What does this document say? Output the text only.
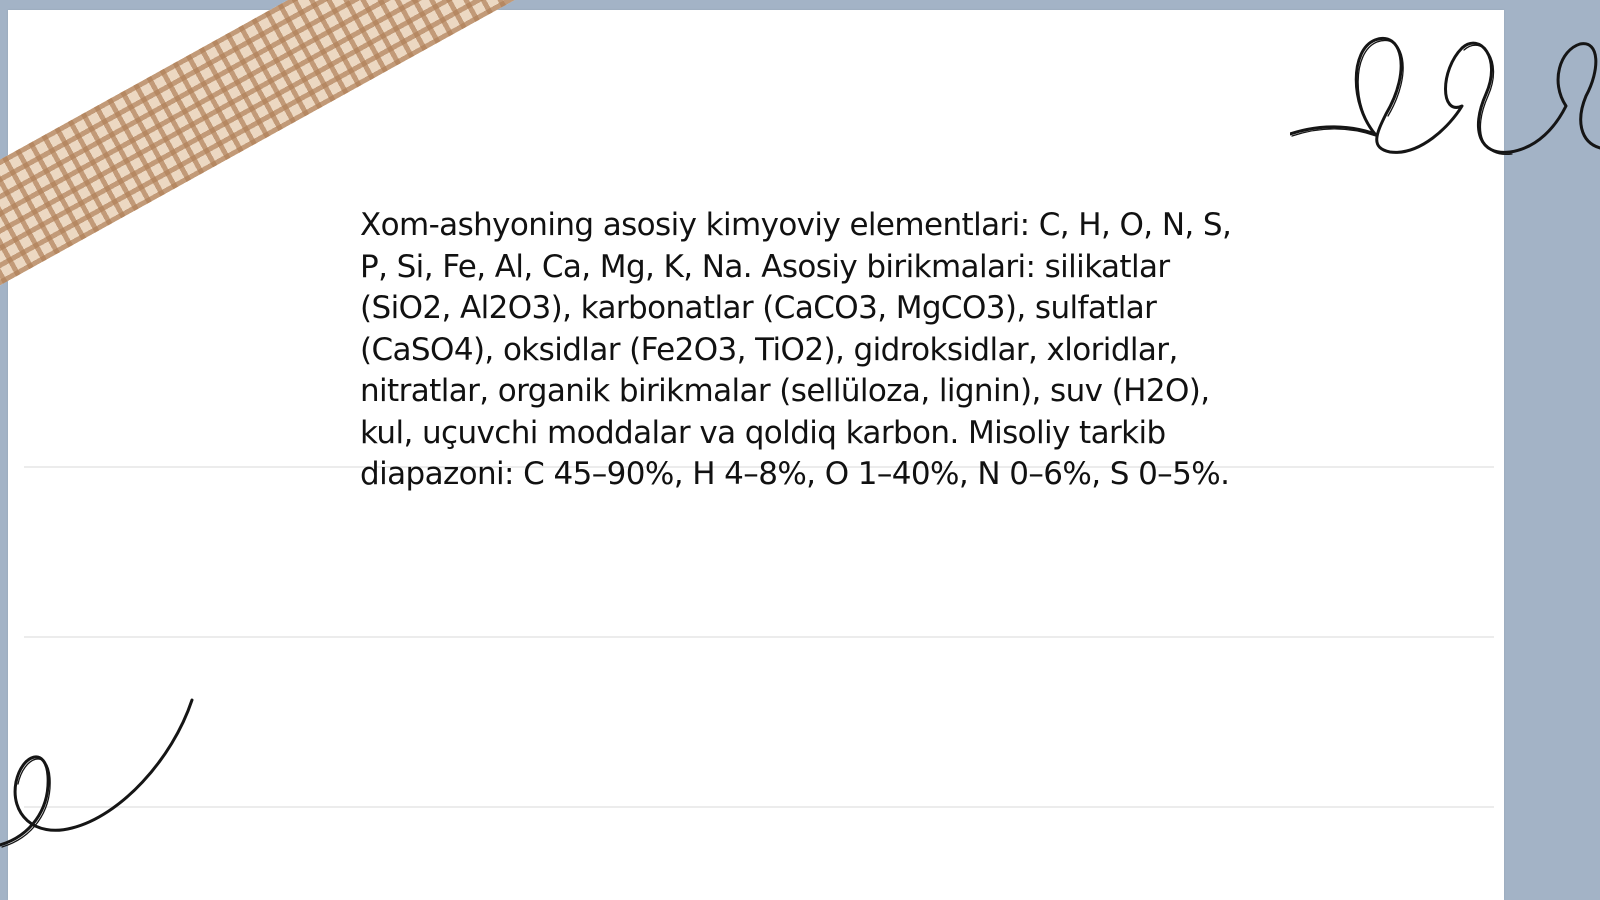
Xom-ashyoning asosiy kimyoviy elementlari: C, H, O, N, S, P, Si, Fe, Al, Ca, Mg, K, Na. Asosiy birikmalari: silikatlar (SiO2, Al2O3), karbonatlar (CaCO3, MgCO3), sulfatlar (CaSO4), oksidlar (Fe2O3, TiO2), gidroksidlar, xloridlar, nitratlar, organik birikmalar (sellüloza, lignin), suv (H2O), kul, uçuvchi moddalar va qoldiq karbon. Misoliy tarkib diapazoni: C 45–90%, H 4–8%, O 1–40%, N 0–6%, S 0–5%.
